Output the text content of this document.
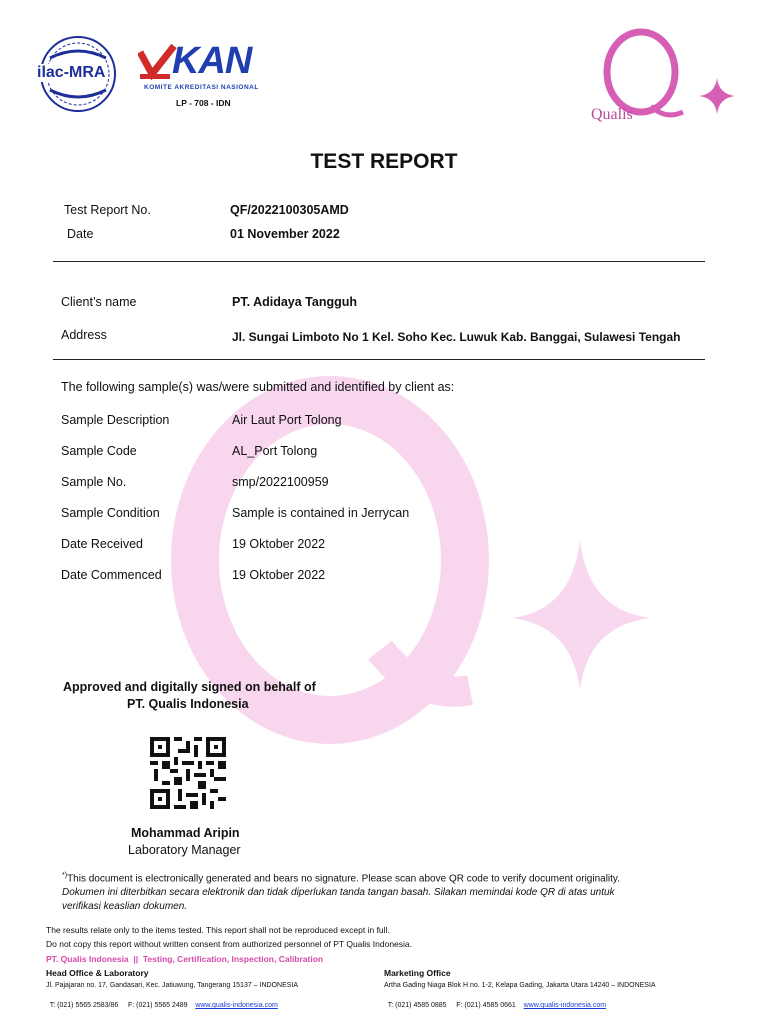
ilac-MRA KAN
KOMITE AKREDITASI NASIONAL
LP - 708 - IDN
Qualis
TEST REPORT
Test Report No.	QF/2022100305AMD
Date	01 November 2022
Client’s name	PT. Adidaya Tangguh
Address	Jl. Sungai Limboto No 1 Kel. Soho Kec. Luwuk Kab. Banggai, Sulawesi Tengah
The following sample(s) was/were submitted and identified by client as:
Sample Description	Air Laut Port Tolong
Sample Code	AL_Port Tolong
Sample No.	smp/2022100959
Sample Condition	Sample is contained in Jerrycan
Date Received	19 Oktober 2022
Date Commenced	19 Oktober 2022
Approved and digitally signed on behalf of
PT. Qualis Indonesia
Mohammad Aripin
Laboratory Manager
*)This document is electronically generated and bears no signature. Please scan above QR code to verify document originality.
Dokumen ini diterbitkan secara elektronik dan tidak diperlukan tanda tangan basah. Silakan memindai kode QR di atas untuk
verifikasi keaslian dokumen.
The results relate only to the items tested. This report shall not be reproduced except in full.
Do not copy this report without written consent from authorized personnel of PT Qualis Indonesia.
PT. Qualis Indonesia  ||  Testing, Certification, Inspection, Calibration
Head Office & Laboratory
Jl. Pajajaran no. 17, Gandasari, Kec. Jatiuwung, Tangerang 15137 – INDONESIA

T: (021) 5565 2583/86     F: (021) 5565 2489 www.qualis-indonesia.com

Marketing Office
Artha Gading Niaga Blok H no. 1-2, Kelapa Gading, Jakarta Utara 14240 – INDONESIA

T: (021) 4585 0885     F: (021) 4585 0661 www.qualis-indonesia.com
